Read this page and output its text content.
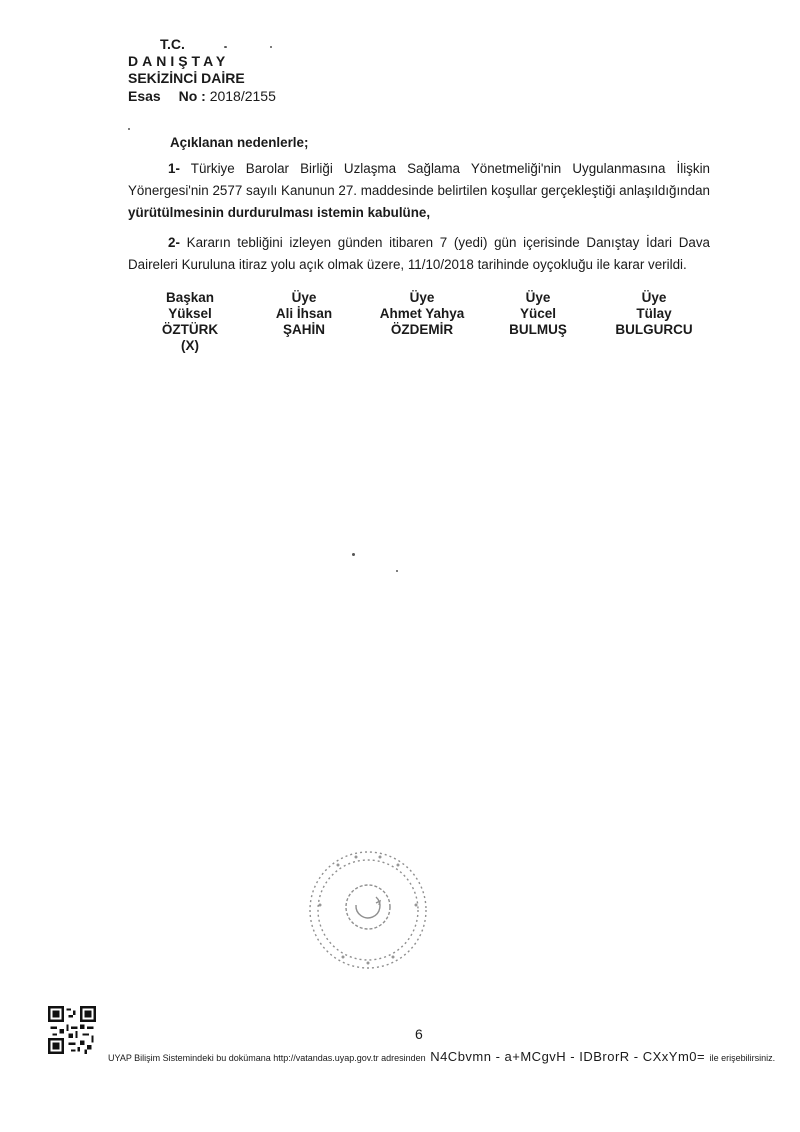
T.C.
DANIŞTAY
SEKİZİNCİ DAİRE
Esas No : 2018/2155
Açıklanan nedenlerle;
1- Türkiye Barolar Birliği Uzlaşma Sağlama Yönetmeliği'nin Uygulanmasına İlişkin Yönergesi'nin 2577 sayılı Kanunun 27. maddesinde belirtilen koşullar gerçekleştiği anlaşıldığından yürütülmesinin durdurulması istemin kabulüne,
2- Kararın tebliğini izleyen günden itibaren 7 (yedi) gün içerisinde Danıştay İdari Dava Daireleri Kuruluna itiraz yolu açık olmak üzere, 11/10/2018 tarihinde oyçokluğu ile karar verildi.
Başkan
Yüksel
ÖZTÜRK
(X)
Üye
Ali İhsan
ŞAHİN
Üye
Ahmet Yahya
ÖZDEMİR
Üye
Yücel
BULMUŞ
Üye
Tülay
BULGURCU
6
UYAP Bilişim Sistemindeki bu dokümana http://vatandas.uyap.gov.tr adresinden N4Cbvmn - a+MCgvH - IDBrorR - CXxYm0= ile erişebilirsiniz.
